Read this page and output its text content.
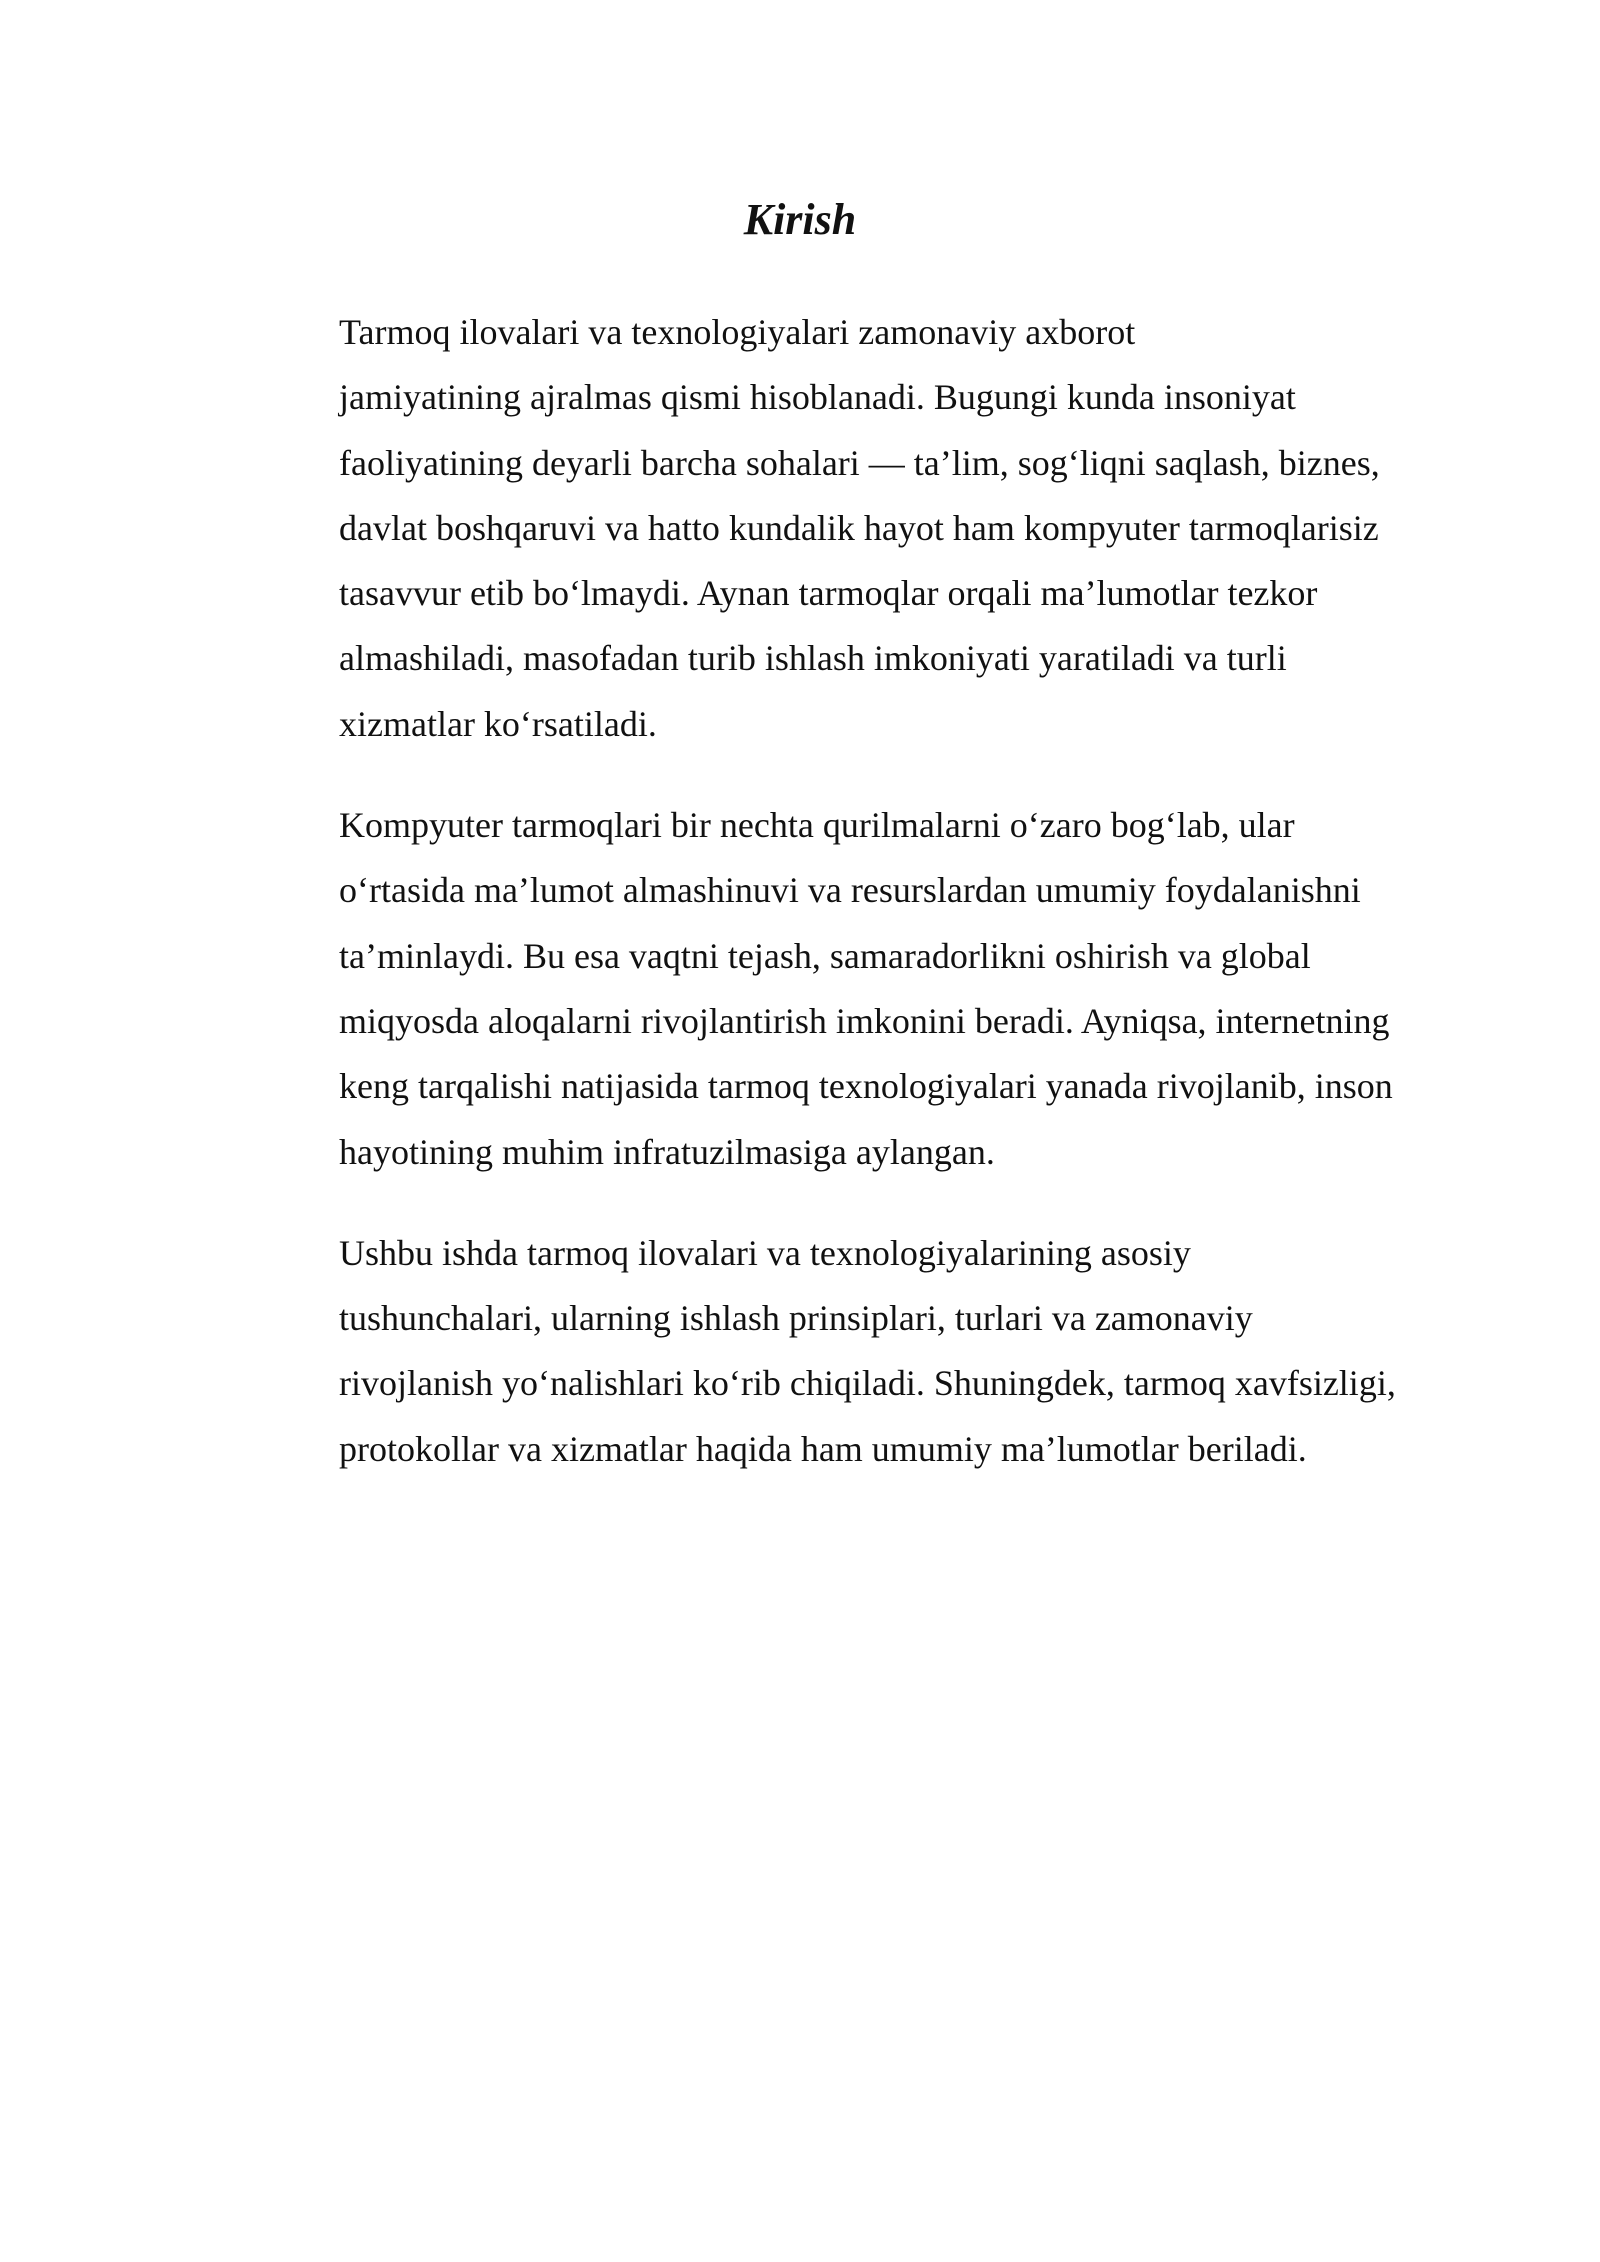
Kirish

Tarmoq ilovalari va texnologiyalari zamonaviy axborot
jamiyatining ajralmas qismi hisoblanadi. Bugungi kunda insoniyat
faoliyatining deyarli barcha sohalari — ta’lim, sog‘liqni saqlash, biznes,
davlat boshqaruvi va hatto kundalik hayot ham kompyuter tarmoqlarisiz
tasavvur etib bo‘lmaydi. Aynan tarmoqlar orqali ma’lumotlar tezkor
almashiladi, masofadan turib ishlash imkoniyati yaratiladi va turli
xizmatlar ko‘rsatiladi.

Kompyuter tarmoqlari bir nechta qurilmalarni o‘zaro bog‘lab, ular
o‘rtasida ma’lumot almashinuvi va resurslardan umumiy foydalanishni
ta’minlaydi. Bu esa vaqtni tejash, samaradorlikni oshirish va global
miqyosda aloqalarni rivojlantirish imkonini beradi. Ayniqsa, internetning
keng tarqalishi natijasida tarmoq texnologiyalari yanada rivojlanib, inson
hayotining muhim infratuzilmasiga aylangan.

Ushbu ishda tarmoq ilovalari va texnologiyalarining asosiy
tushunchalari, ularning ishlash prinsiplari, turlari va zamonaviy
rivojlanish yo‘nalishlari ko‘rib chiqiladi. Shuningdek, tarmoq xavfsizligi,
protokollar va xizmatlar haqida ham umumiy ma’lumotlar beriladi.
